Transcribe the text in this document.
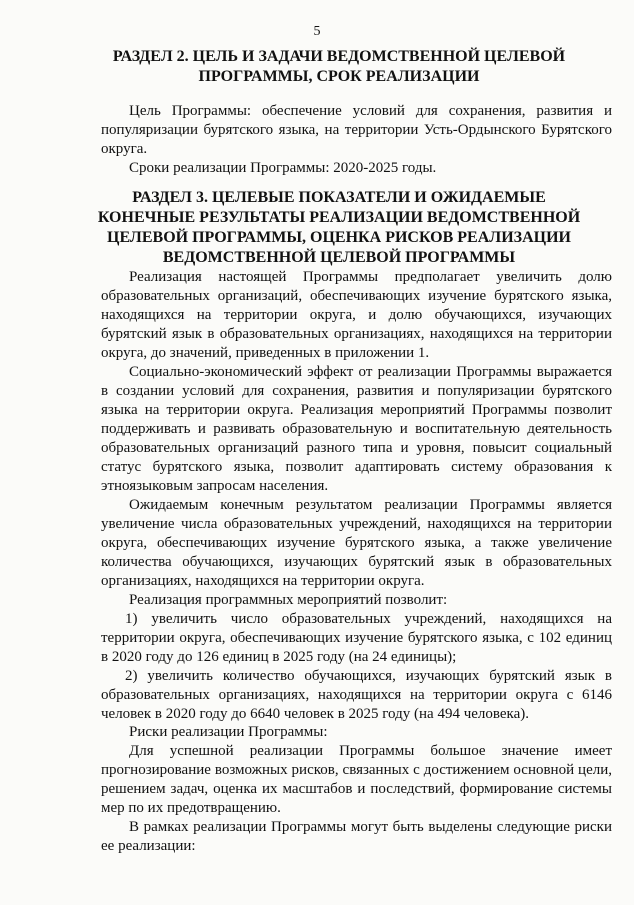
5
РАЗДЕЛ 2. ЦЕЛЬ И ЗАДАЧИ ВЕДОМСТВЕННОЙ ЦЕЛЕВОЙ ПРОГРАММЫ, СРОК РЕАЛИЗАЦИИ

Цель Программы: обеспечение условий для сохранения, развития и популяризации бурятского языка, на территории Усть-Ордынского Бурятского округа.

Сроки реализации Программы: 2020-2025 годы.

РАЗДЕЛ 3. ЦЕЛЕВЫЕ ПОКАЗАТЕЛИ И ОЖИДАЕМЫЕ КОНЕЧНЫЕ РЕЗУЛЬТАТЫ РЕАЛИЗАЦИИ ВЕДОМСТВЕННОЙ ЦЕЛЕВОЙ ПРОГРАММЫ, ОЦЕНКА РИСКОВ РЕАЛИЗАЦИИ ВЕДОМСТВЕННОЙ ЦЕЛЕВОЙ ПРОГРАММЫ

Реализация настоящей Программы предполагает увеличить долю образовательных организаций, обеспечивающих изучение бурятского языка, находящихся на территории округа, и долю обучающихся, изучающих бурятский язык в образовательных организациях, находящихся на территории округа, до значений, приведенных в приложении 1.

Социально-экономический эффект от реализации Программы выражается в создании условий для сохранения, развития и популяризации бурятского языка на территории округа. Реализация мероприятий Программы позволит поддерживать и развивать образовательную и воспитательную деятельность образовательных организаций разного типа и уровня, повысит социальный статус бурятского языка, позволит адаптировать систему образования к этноязыковым запросам населения.

Ожидаемым конечным результатом реализации Программы является увеличение числа образовательных учреждений, находящихся на территории округа, обеспечивающих изучение бурятского языка, а также увеличение количества обучающихся, изучающих бурятский язык в образовательных организациях, находящихся на территории округа.

Реализация программных мероприятий позволит:

1) увеличить число образовательных учреждений, находящихся на территории округа, обеспечивающих изучение бурятского языка, с 102 единиц в 2020 году до 126 единиц в 2025 году (на 24 единицы);

2) увеличить количество обучающихся, изучающих бурятский язык в образовательных организациях, находящихся на территории округа с 6146 человек в 2020 году до 6640 человек в 2025 году (на 494 человека).

Риски реализации Программы:

Для успешной реализации Программы большое значение имеет прогнозирование возможных рисков, связанных с достижением основной цели, решением задач, оценка их масштабов и последствий, формирование системы мер по их предотвращению.

В рамках реализации Программы могут быть выделены следующие риски ее реализации:
